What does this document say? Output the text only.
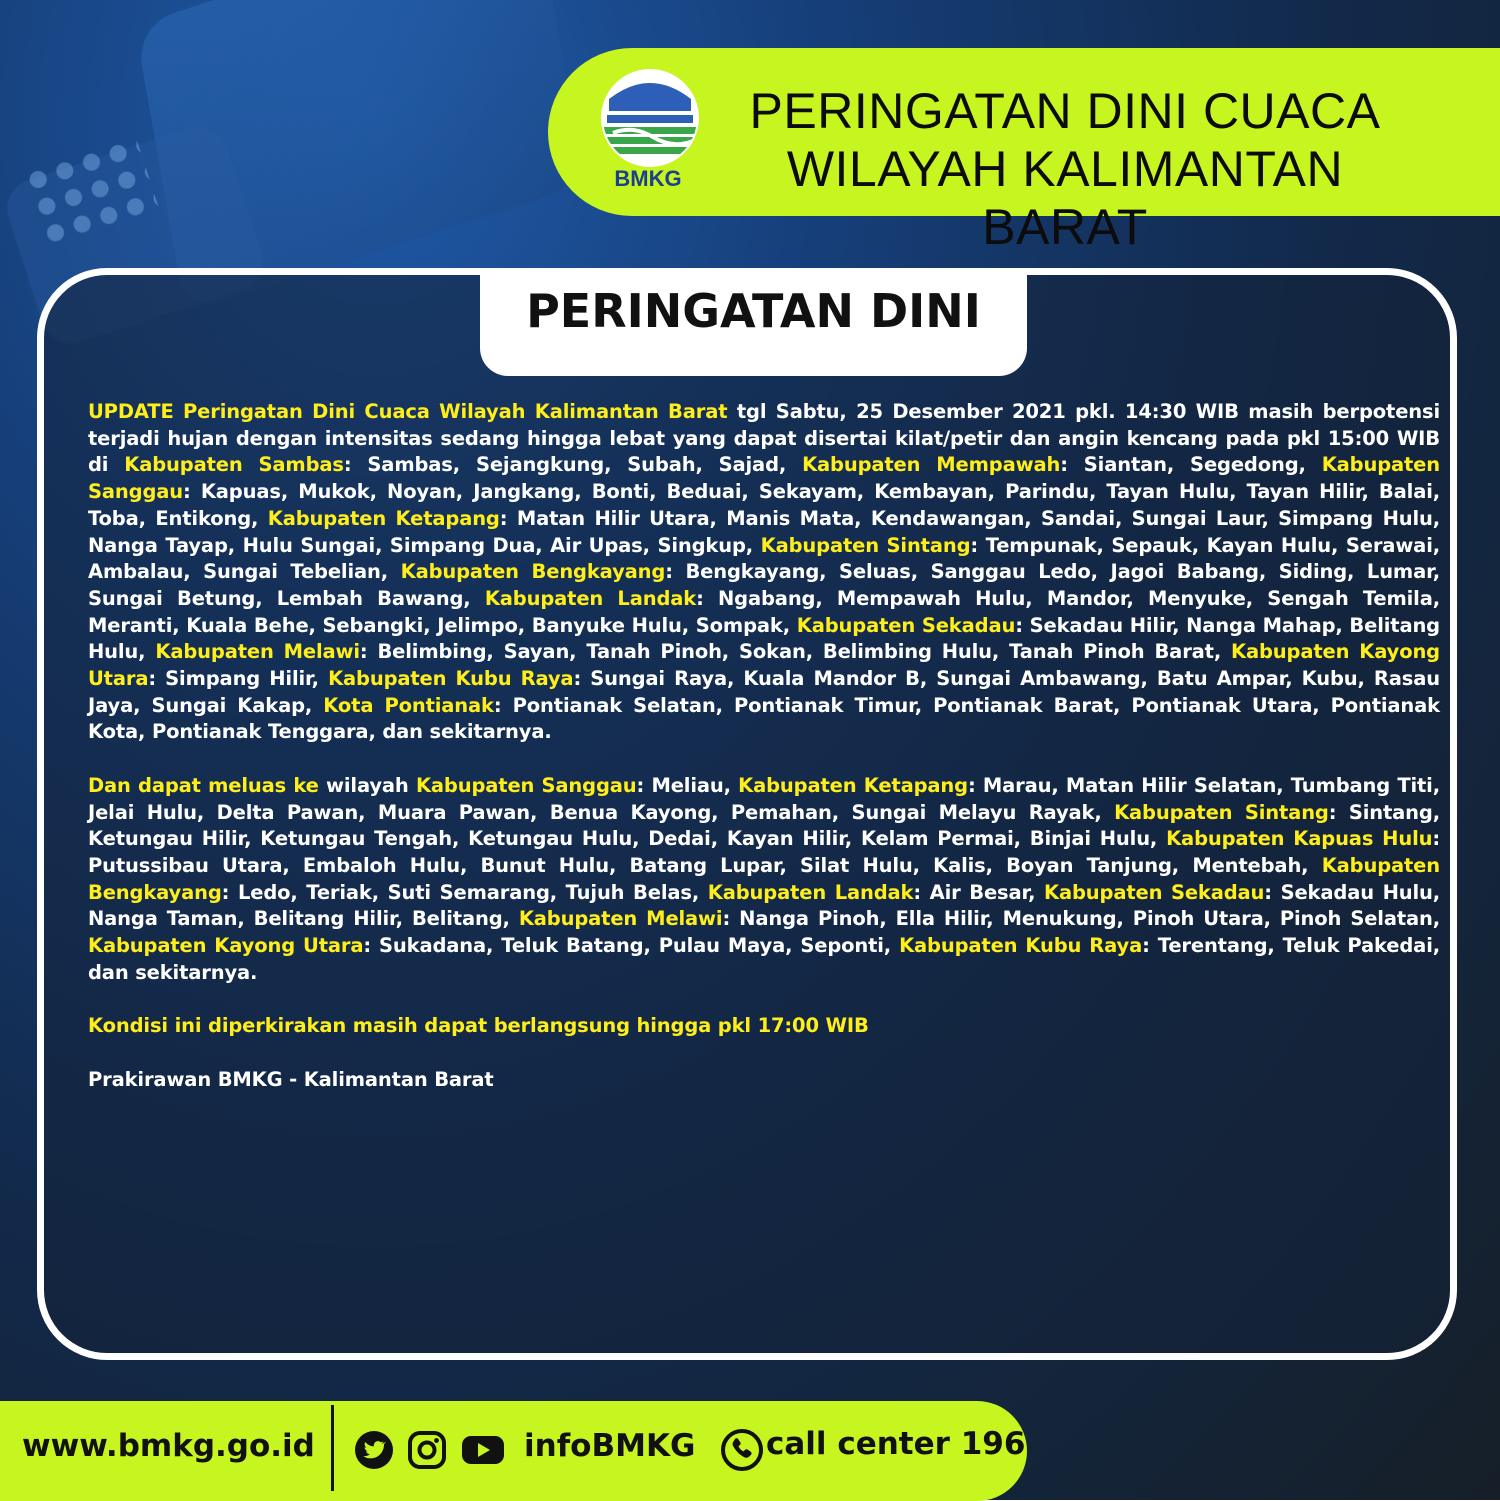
BMKG
PERINGATAN DINI CUACA
WILAYAH KALIMANTAN BARAT
PERINGATAN DINI

UPDATE Peringatan Dini Cuaca Wilayah Kalimantan Barat tgl Sabtu, 25 Desember 2021 pkl. 14:30 WIB masih berpotensi terjadi hujan dengan intensitas sedang hingga lebat yang dapat disertai kilat/petir dan angin kencang pada pkl 15:00 WIB di Kabupaten Sambas: Sambas, Sejangkung, Subah, Sajad, Kabupaten Mempawah: Siantan, Segedong, Kabupaten Sanggau: Kapuas, Mukok, Noyan, Jangkang, Bonti, Beduai, Sekayam, Kembayan, Parindu, Tayan Hulu, Tayan Hilir, Balai, Toba, Entikong, Kabupaten Ketapang: Matan Hilir Utara, Manis Mata, Kendawangan, Sandai, Sungai Laur, Simpang Hulu, Nanga Tayap, Hulu Sungai, Simpang Dua, Air Upas, Singkup, Kabupaten Sintang: Tempunak, Sepauk, Kayan Hulu, Serawai, Ambalau, Sungai Tebelian, Kabupaten Bengkayang: Bengkayang, Seluas, Sanggau Ledo, Jagoi Babang, Siding, Lumar, Sungai Betung, Lembah Bawang, Kabupaten Landak: Ngabang, Mempawah Hulu, Mandor, Menyuke, Sengah Temila, Meranti, Kuala Behe, Sebangki, Jelimpo, Banyuke Hulu, Sompak, Kabupaten Sekadau: Sekadau Hilir, Nanga Mahap, Belitang Hulu, Kabupaten Melawi: Belimbing, Sayan, Tanah Pinoh, Sokan, Belimbing Hulu, Tanah Pinoh Barat, Kabupaten Kayong Utara: Simpang Hilir, Kabupaten Kubu Raya: Sungai Raya, Kuala Mandor B, Sungai Ambawang, Batu Ampar, Kubu, Rasau Jaya, Sungai Kakap, Kota Pontianak: Pontianak Selatan, Pontianak Timur, Pontianak Barat, Pontianak Utara, Pontianak Kota, Pontianak Tenggara, dan sekitarnya.

Dan dapat meluas ke wilayah Kabupaten Sanggau: Meliau, Kabupaten Ketapang: Marau, Matan Hilir Selatan, Tumbang Titi, Jelai Hulu, Delta Pawan, Muara Pawan, Benua Kayong, Pemahan, Sungai Melayu Rayak, Kabupaten Sintang: Sintang, Ketungau Hilir, Ketungau Tengah, Ketungau Hulu, Dedai, Kayan Hilir, Kelam Permai, Binjai Hulu, Kabupaten Kapuas Hulu: Putussibau Utara, Embaloh Hulu, Bunut Hulu, Batang Lupar, Silat Hulu, Kalis, Boyan Tanjung, Mentebah, Kabupaten Bengkayang: Ledo, Teriak, Suti Semarang, Tujuh Belas, Kabupaten Landak: Air Besar, Kabupaten Sekadau: Sekadau Hulu, Nanga Taman, Belitang Hilir, Belitang, Kabupaten Melawi: Nanga Pinoh, Ella Hilir, Menukung, Pinoh Utara, Pinoh Selatan, Kabupaten Kayong Utara: Sukadana, Teluk Batang, Pulau Maya, Seponti, Kabupaten Kubu Raya: Terentang, Teluk Pakedai, dan sekitarnya.

Kondisi ini diperkirakan masih dapat berlangsung hingga pkl 17:00 WIB

Prakirawan BMKG - Kalimantan Barat

www.bmkg.go.id	infoBMKG call center 196
